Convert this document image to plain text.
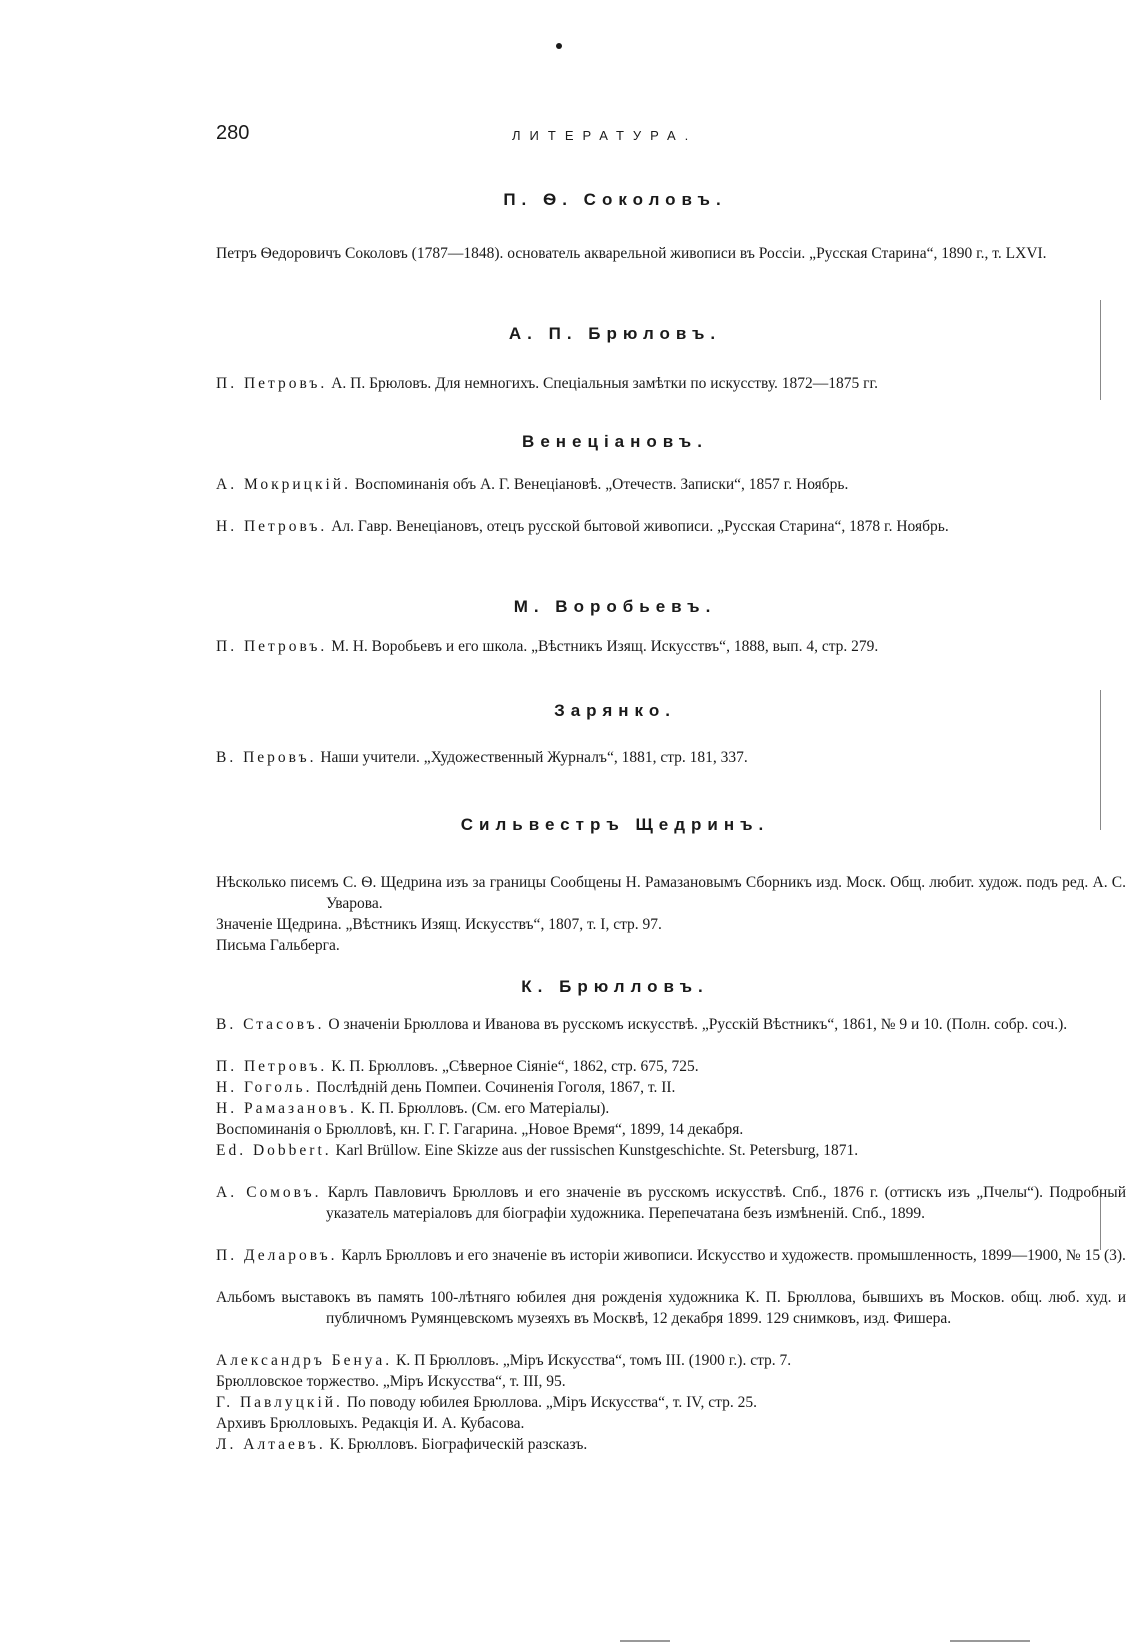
280	ЛИТЕРАТУРА.
П. Ѳ. Соколовъ.
Петръ Ѳедоровичъ Соколовъ (1787—1848). основатель акварельной живописи въ Россіи. „Русская Старина“, 1890 г., т. LXVI.
А. П. Брюловъ.
П. Петровъ. А. П. Брюловъ. Для немногихъ. Спеціальныя замѣтки по искусству. 1872—1875 гг.
Венеціановъ.
А. Мокрицкій. Воспоминанія объ А. Г. Венеціановѣ. „Отечеств. Записки“, 1857 г. Ноябрь.
Н. Петровъ. Ал. Гавр. Венеціановъ, отецъ русской бытовой живописи. „Русская Старина“, 1878 г. Ноябрь.
М. Воробьевъ.
П. Петровъ. М. Н. Воробьевъ и его школа. „Вѣстникъ Изящ. Искусствъ“, 1888, вып. 4, стр. 279.
Зарянко.
В. Перовъ. Наши учители. „Художественный Журналъ“, 1881, стр. 181, 337.
Сильвестръ Щедринъ.
Нѣсколько писемъ С. Ѳ. Щедрина изъ за границы Сообщены Н. Рамазановымъ Сборникъ изд. Моск. Общ. любит. худож. подъ ред. А. С. Уварова.
Значеніе Щедрина. „Вѣстникъ Изящ. Искусствъ“, 1807, т. I, стр. 97.
Письма Гальберга.
К. Брюлловъ.
В. Стасовъ. О значеніи Брюллова и Иванова въ русскомъ искусствѣ. „Русскій Вѣстникъ“, 1861, № 9 и 10. (Полн. собр. соч.).
П. Петровъ. К. П. Брюлловъ. „Сѣверное Сіяніе“, 1862, стр. 675, 725.
Н. Гоголь. Послѣдній день Помпеи. Сочиненія Гоголя, 1867, т. II.
Н. Рамазановъ. К. П. Брюлловъ. (См. его Матеріалы).
Воспоминанія о Брюлловѣ, кн. Г. Г. Гагарина. „Новое Время“, 1899, 14 декабря.
Ed. Dobbert. Karl Brüllow. Eine Skizze aus der russischen Kunstgeschichte. St. Petersburg, 1871.
А. Сомовъ. Карлъ Павловичъ Брюлловъ и его значеніе въ русскомъ искусствѣ. Спб., 1876 г. (оттискъ изъ „Пчелы“). Подробный указатель матеріаловъ для біографіи художника. Перепечатана безъ измѣненій. Спб., 1899.
П. Деларовъ. Карлъ Брюлловъ и его значеніе въ исторіи живописи. Искусство и художеств. промышленность, 1899—1900, № 15 (3).
Альбомъ выставокъ въ память 100-лѣтняго юбилея дня рожденія художника К. П. Брюллова, бывшихъ въ Москов. общ. люб. худ. и публичномъ Румянцевскомъ музеяхъ въ Москвѣ, 12 декабря 1899. 129 снимковъ, изд. Фишера.
Александръ Бенуа. К. П Брюлловъ. „Міръ Искусства“, томъ III. (1900 г.). стр. 7.
Брюлловское торжество. „Міръ Искусства“, т. III, 95.
Г. Павлуцкій. По поводу юбилея Брюллова. „Міръ Искусства“, т. IV, стр. 25.
Архивъ Брюлловыхъ. Редакція И. А. Кубасова.
Л. Алтаевъ. К. Брюлловъ. Біографическій разсказъ.
